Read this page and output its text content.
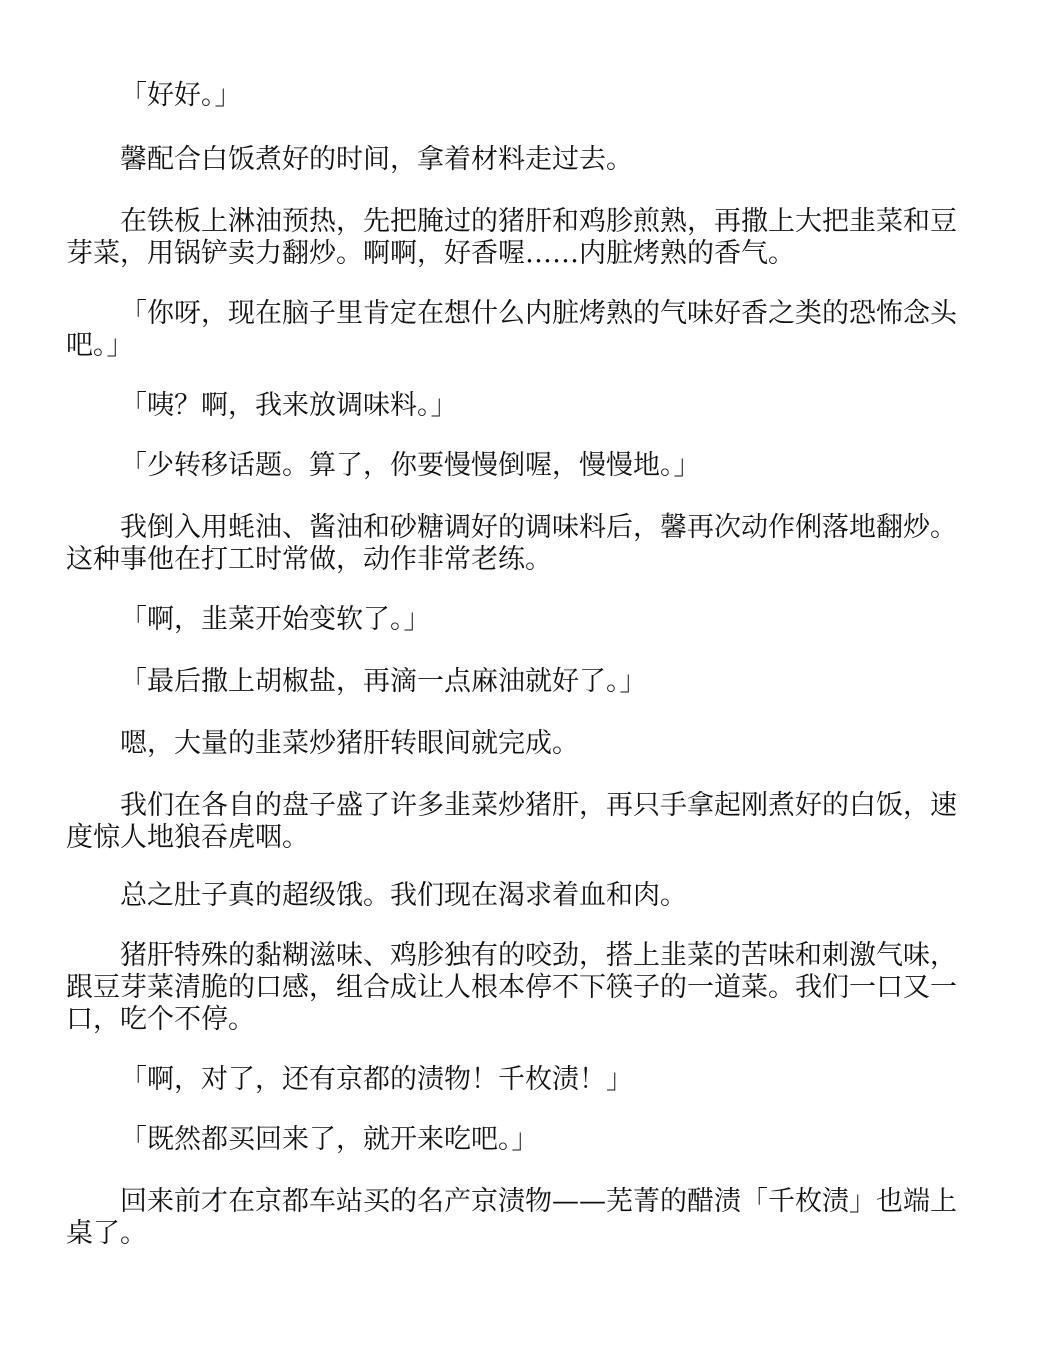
「好好。」

馨配合白饭煮好的时间，拿着材料走过去。

在铁板上淋油预热，先把腌过的猪肝和鸡胗煎熟，再撒上大把韭菜和豆芽菜，用锅铲卖力翻炒。啊啊，好香喔……内脏烤熟的香气。

「你呀，现在脑子里肯定在想什么内脏烤熟的气味好香之类的恐怖念头吧。」

「咦？啊，我来放调味料。」

「少转移话题。算了，你要慢慢倒喔，慢慢地。」

我倒入用蚝油、酱油和砂糖调好的调味料后，馨再次动作俐落地翻炒。这种事他在打工时常做，动作非常老练。

「啊，韭菜开始变软了。」

「最后撒上胡椒盐，再滴一点麻油就好了。」

嗯，大量的韭菜炒猪肝转眼间就完成。

我们在各自的盘子盛了许多韭菜炒猪肝，再只手拿起刚煮好的白饭，速度惊人地狼吞虎咽。

总之肚子真的超级饿。我们现在渴求着血和肉。

猪肝特殊的黏糊滋味、鸡胗独有的咬劲，搭上韭菜的苦味和刺激气味，跟豆芽菜清脆的口感，组合成让人根本停不下筷子的一道菜。我们一口又一口，吃个不停。

「啊，对了，还有京都的渍物！千枚渍！」

「既然都买回来了，就开来吃吧。」

回来前才在京都车站买的名产京渍物——芜菁的醋渍「千枚渍」也端上桌了。
